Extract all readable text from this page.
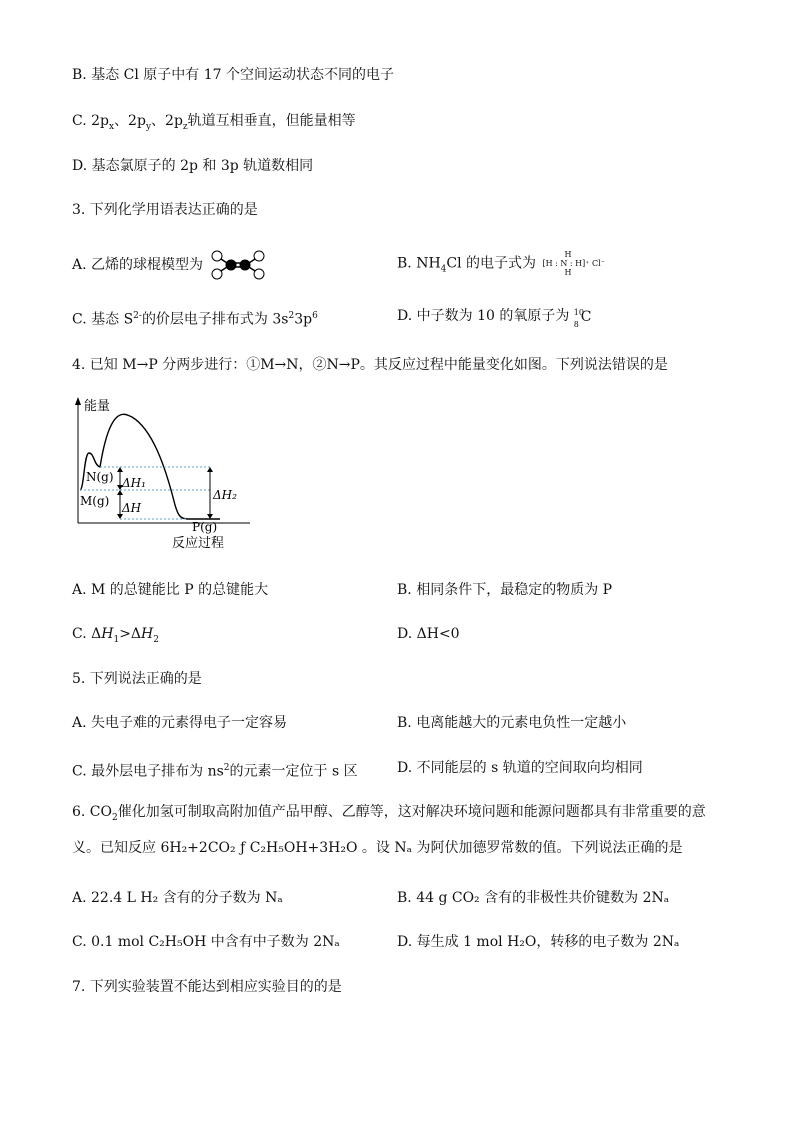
B. 基态 Cl 原子中有 17 个空间运动状态不同的电子
C. $2p_x$、$2p_y$、$2p_z$轨道互相垂直，但能量相等
D. 基态氯原子的 2p 和 3p 轨道数相同
3. 下列化学用语表达正确的是
A. 乙烯的球棍模型为	B. $NH_4Cl$ 的电子式为
H
[H : N : H]⁺ Cl⁻
H
C. 基态 $S^{2-}$的价层电子排布式为 $3s^23p^6$	D. 中子数为 10 的氧原子为 10
8 C
4. 已知 M→P 分两步进行：①M→N，②N→P。其反应过程中能量变化如图。下列说法错误的是
能量
反应过程
N(g)
M(g)
P(g)
ΔH₁
ΔH
ΔH₂
A. M 的总键能比 P 的总键能大	B. 相同条件下，最稳定的物质为 P
C. $\Delta H_1>\Delta H_2$	D. ΔH<0
5. 下列说法正确的是
A. 失电子难的元素得电子一定容易	B. 电离能越大的元素电负性一定越小
C. 最外层电子排布为 $ns^2$的元素一定位于 s 区	D. 不同能层的 s 轨道的空间取向均相同
6. $CO_2$催化加氢可制取高附加值产品甲醇、乙醇等，这对解决环境问题和能源问题都具有非常重要的意
义。已知反应 6H₂+2CO₂ ƒ C₂H₅OH+3H₂O 。设 Nₐ 为阿伏加德罗常数的值。下列说法正确的是
A. 22.4 L H₂ 含有的分子数为 Nₐ	B. 44 g CO₂ 含有的非极性共价键数为 2Nₐ
C. 0.1 mol C₂H₅OH 中含有中子数为 2Nₐ	D. 每生成 1 mol H₂O，转移的电子数为 2Nₐ
7. 下列实验装置不能达到相应实验目的的是
